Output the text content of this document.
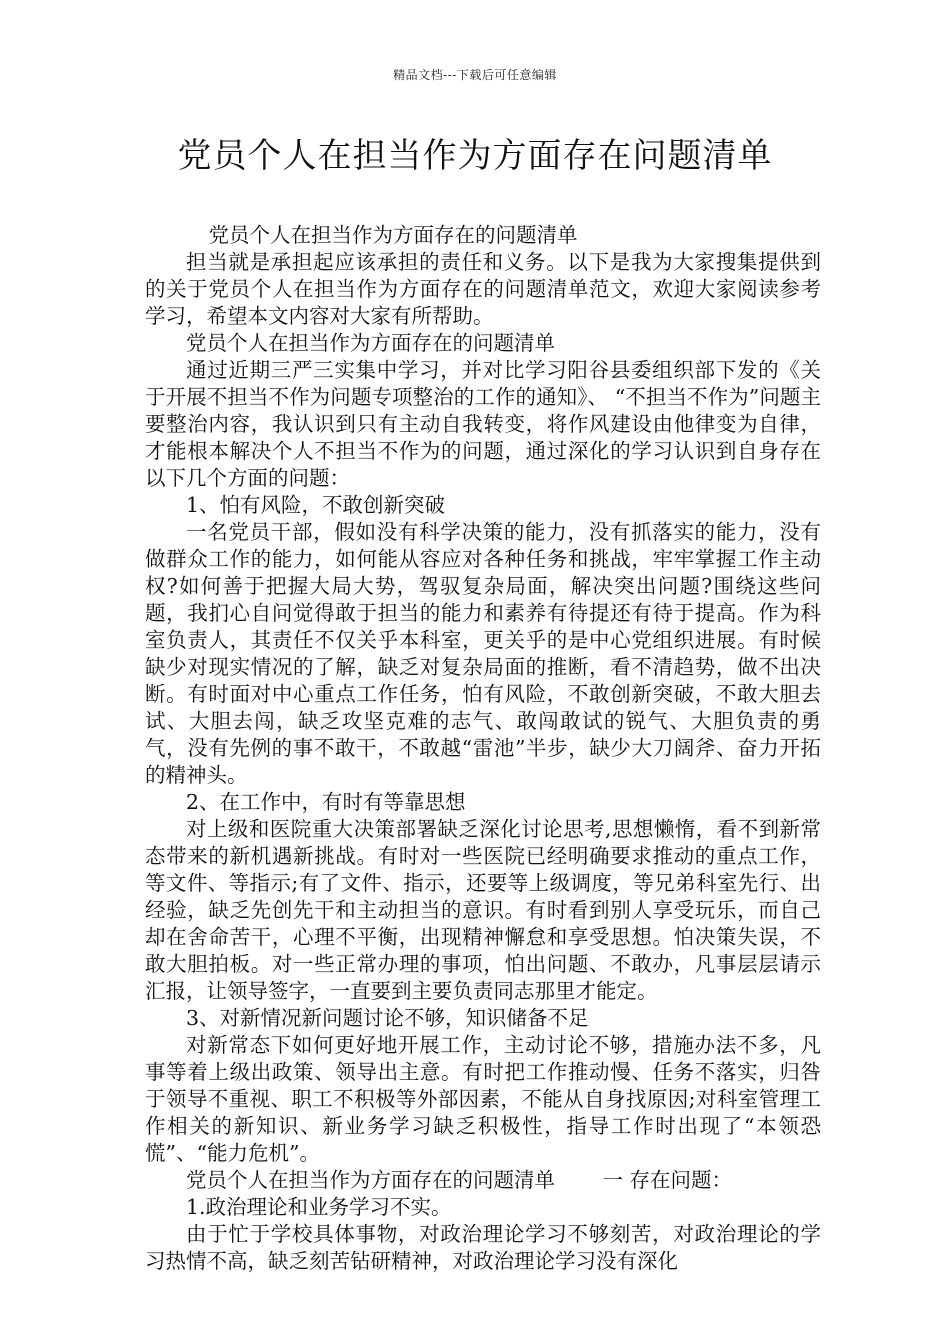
精品文档---下载后可任意编辑
党员个人在担当作为方面存在问题清单

党员个人在担当作为方面存在的问题清单

担当就是承担起应该承担的责任和义务。以下是我为大家搜集提供到的关于党员个人在担当作为方面存在的问题清单范文，欢迎大家阅读参考学习，希望本文内容对大家有所帮助。

党员个人在担当作为方面存在的问题清单

通过近期三严三实集中学习，并对比学习阳谷县委组织部下发的《关于开展不担当不作为问题专项整治的工作的通知》、 “不担当不作为”问题主要整治内容，我认识到只有主动自我转变，将作风建设由他律变为自律，才能根本解决个人不担当不作为的问题，通过深化的学习认识到自身存在以下几个方面的问题：

1、怕有风险，不敢创新突破

一名党员干部，假如没有科学决策的能力，没有抓落实的能力，没有做群众工作的能力，如何能从容应对各种任务和挑战，牢牢掌握工作主动权?如何善于把握大局大势，驾驭复杂局面，解决突出问题?围绕这些问题，我扪心自问觉得敢于担当的能力和素养有待提还有待于提高。作为科室负责人，其责任不仅关乎本科室，更关乎的是中心党组织进展。有时候缺少对现实情况的了解，缺乏对复杂局面的推断，看不清趋势，做不出决断。有时面对中心重点工作任务，怕有风险，不敢创新突破，不敢大胆去试、大胆去闯，缺乏攻坚克难的志气、敢闯敢试的锐气、大胆负责的勇气，没有先例的事不敢干，不敢越“雷池”半步，缺少大刀阔斧、奋力开拓的精神头。

2、在工作中，有时有等靠思想

对上级和医院重大决策部署缺乏深化讨论思考,思想懒惰，看不到新常态带来的新机遇新挑战。有时对一些医院已经明确要求推动的重点工作，等文件、等指示;有了文件、指示，还要等上级调度，等兄弟科室先行、出经验，缺乏先创先干和主动担当的意识。有时看到别人享受玩乐，而自己却在舍命苦干，心理不平衡，出现精神懈怠和享受思想。怕决策失误，不敢大胆拍板。对一些正常办理的事项，怕出问题、不敢办，凡事层层请示汇报，让领导签字，一直要到主要负责同志那里才能定。

3、对新情况新问题讨论不够，知识储备不足

对新常态下如何更好地开展工作，主动讨论不够，措施办法不多，凡事等着上级出政策、领导出主意。有时把工作推动慢、任务不落实，归咎于领导不重视、职工不积极等外部因素，不能从自身找原因;对科室管理工作相关的新知识、新业务学习缺乏积极性，指导工作时出现了“本领恐慌”、“能力危机”。

党员个人在担当作为方面存在的问题清单　　 一 存在问题：

1.政治理论和业务学习不实。

由于忙于学校具体事物，对政治理论学习不够刻苦，对政治理论的学习热情不高，缺乏刻苦钻研精神，对政治理论学习没有深化
